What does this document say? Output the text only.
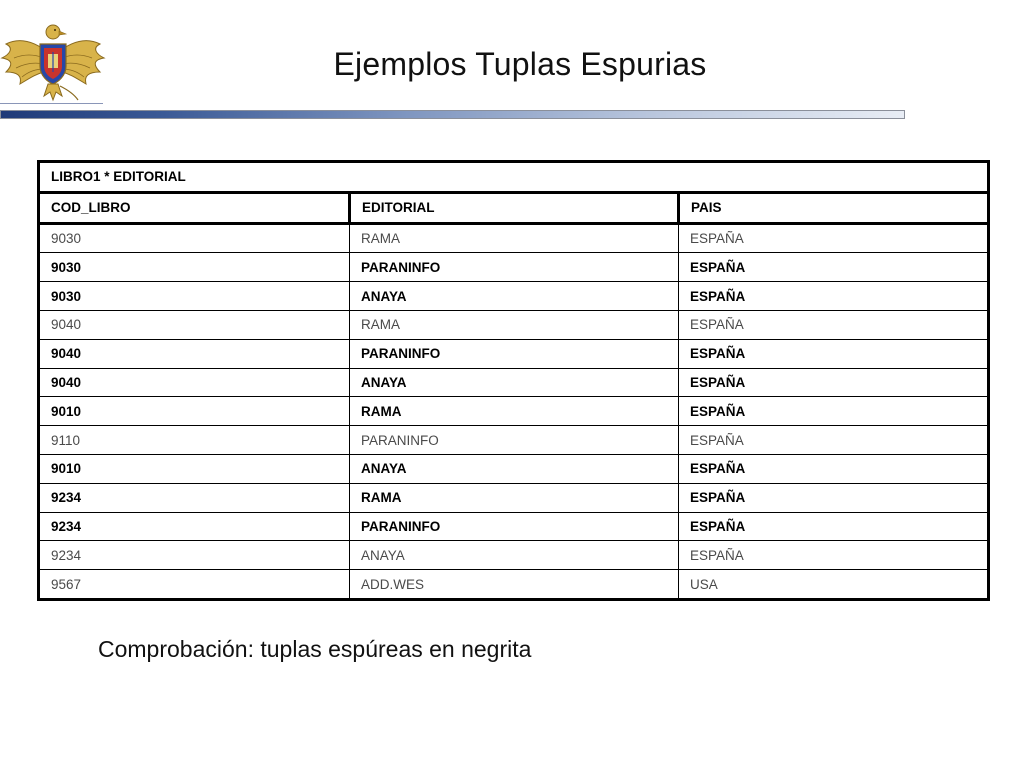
Ejemplos Tuplas Espurias
LIBRO1 * EDITORIAL		
COD_LIBRO	EDITORIAL	PAIS
9030	RAMA	ESPAÑA
9030	PARANINFO	ESPAÑA
9030	ANAYA	ESPAÑA
9040	RAMA	ESPAÑA
9040	PARANINFO	ESPAÑA
9040	ANAYA	ESPAÑA
9010	RAMA	ESPAÑA
9110	PARANINFO	ESPAÑA
9010	ANAYA	ESPAÑA
9234	RAMA	ESPAÑA
9234	PARANINFO	ESPAÑA
9234	ANAYA	ESPAÑA
9567	ADD.WES	USA

Comprobación: tuplas espúreas en negrita
